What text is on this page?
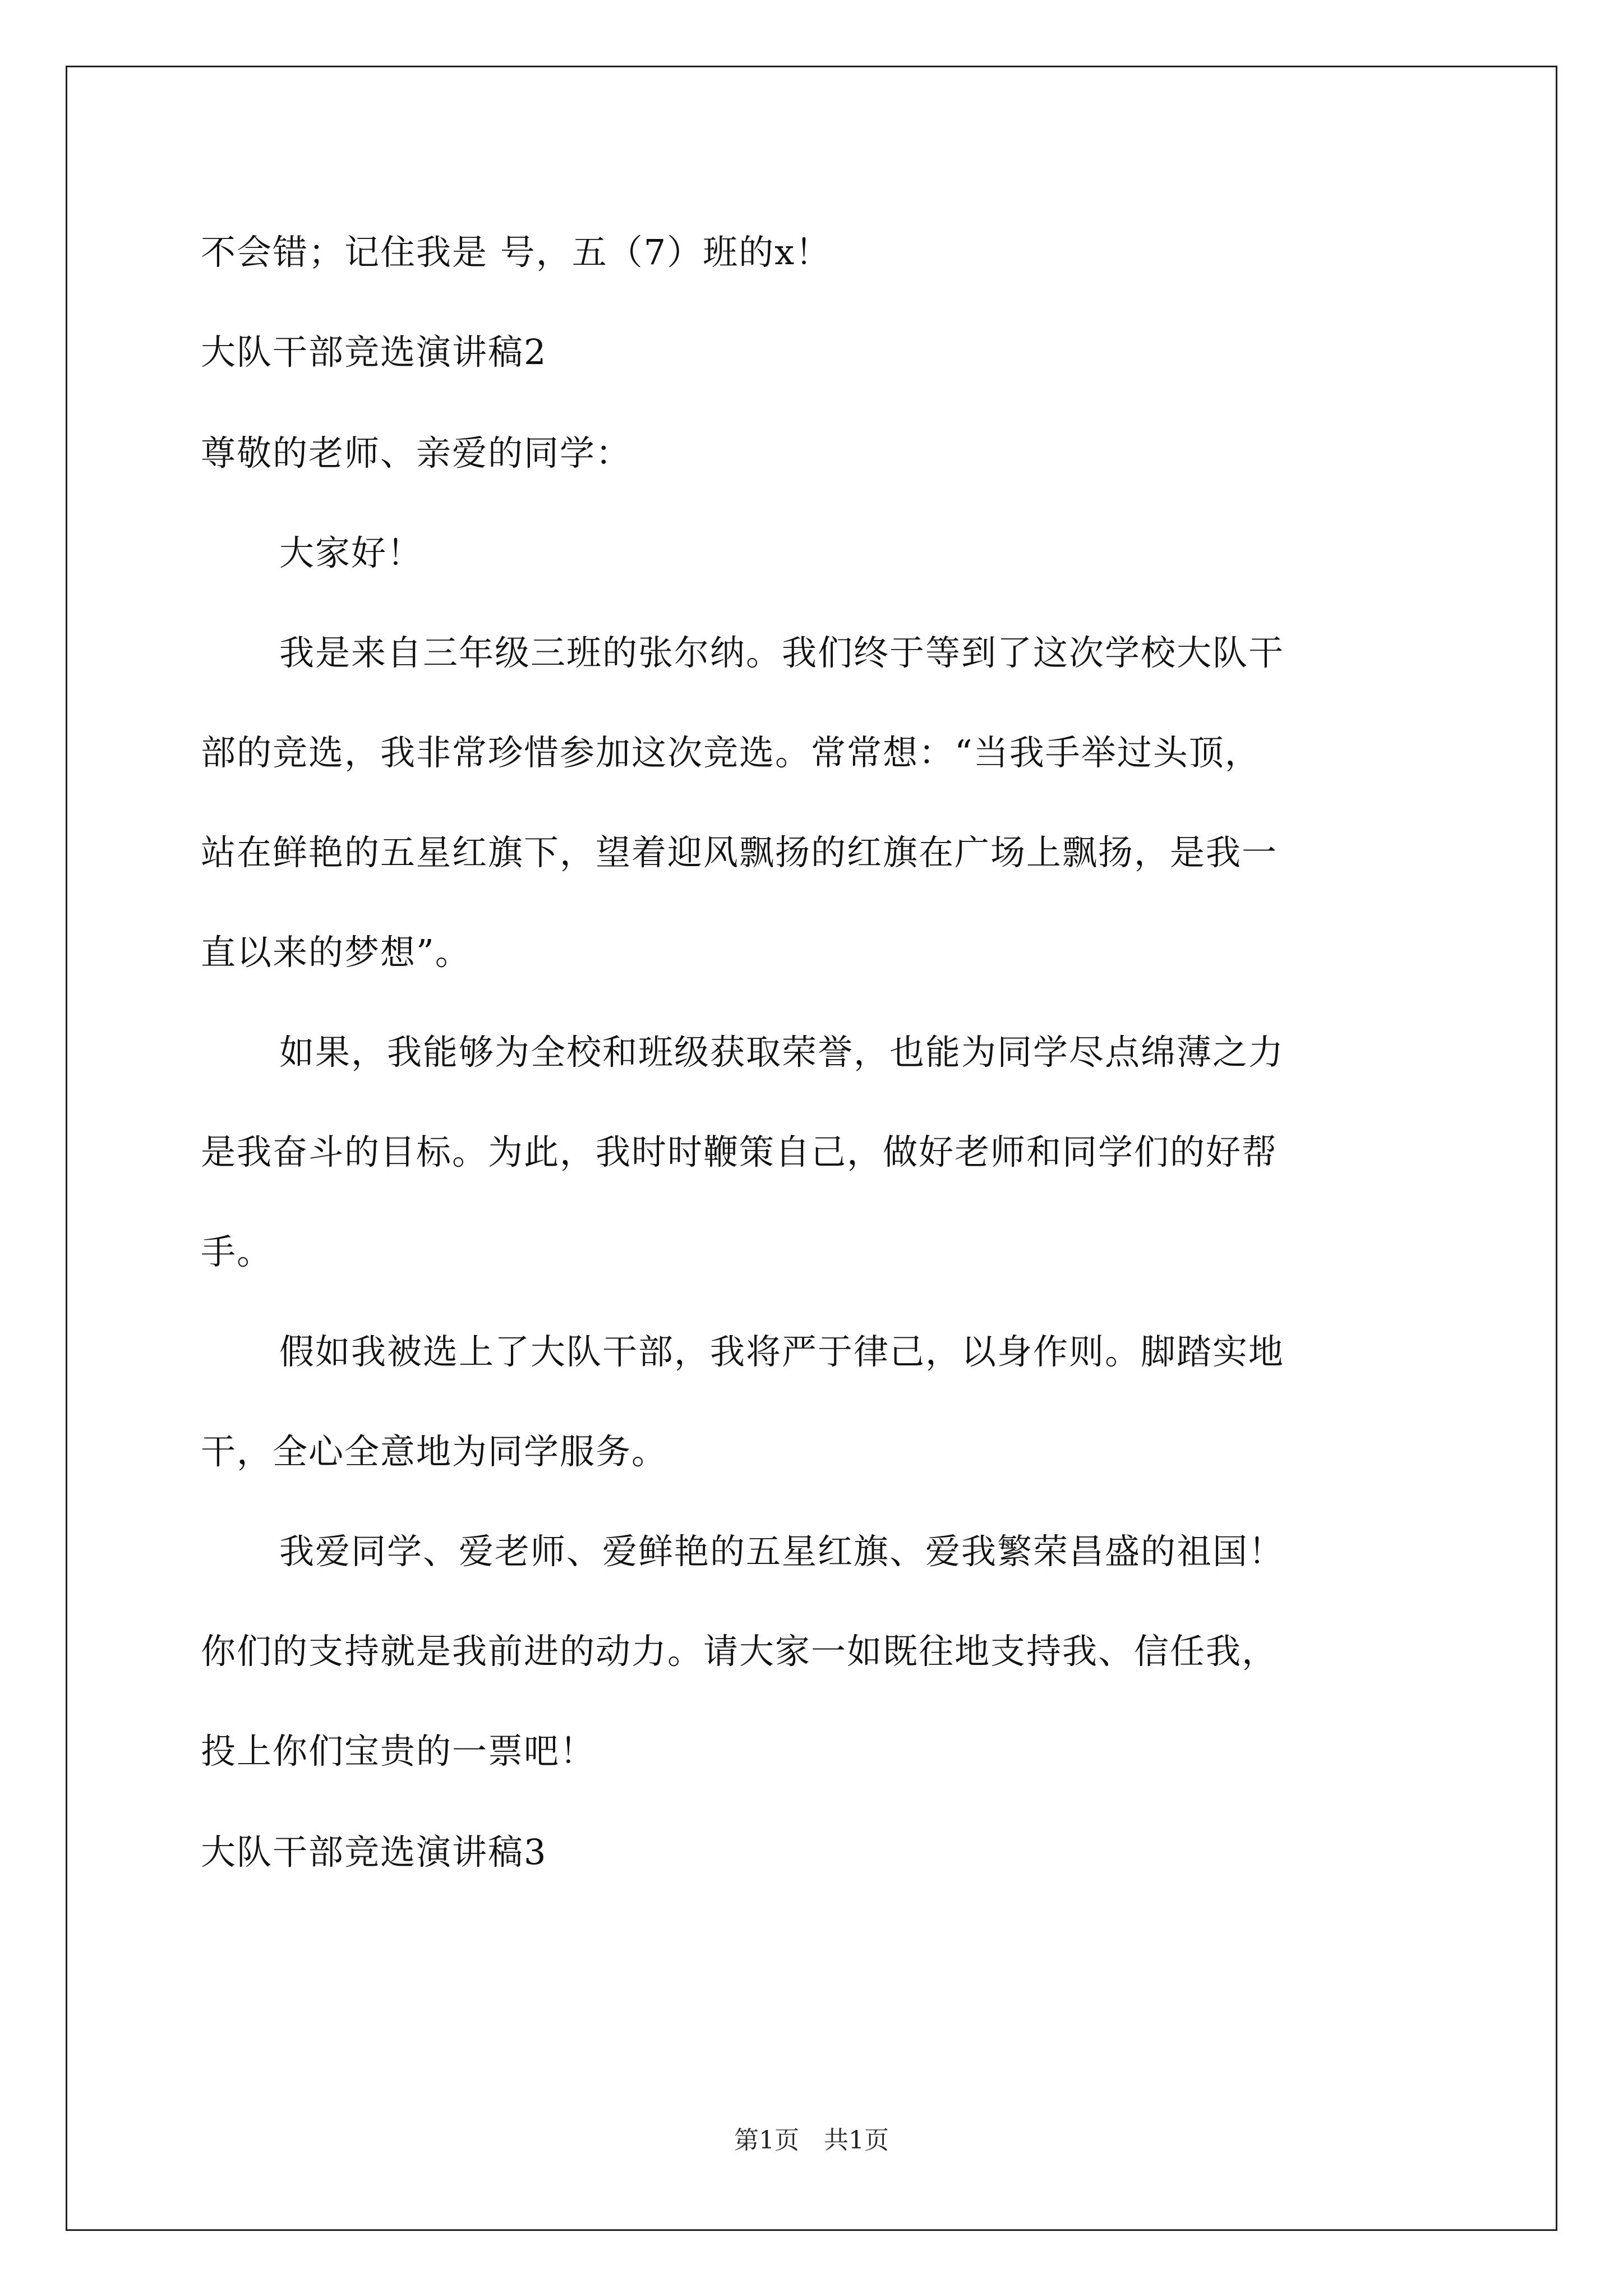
不会错；记住我是 号，五（7）班的x！
大队干部竞选演讲稿2
尊敬的老师、亲爱的同学：
大家好！
我是来自三年级三班的张尔纳。我们终于等到了这次学校大队干
部的竞选，我非常珍惜参加这次竞选。常常想：“当我手举过头顶，
站在鲜艳的五星红旗下，望着迎风飘扬的红旗在广场上飘扬，是我一
直以来的梦想”。
如果，我能够为全校和班级获取荣誉，也能为同学尽点绵薄之力
是我奋斗的目标。为此，我时时鞭策自己，做好老师和同学们的好帮
手。
假如我被选上了大队干部，我将严于律己，以身作则。脚踏实地
干，全心全意地为同学服务。
我爱同学、爱老师、爱鲜艳的五星红旗、爱我繁荣昌盛的祖国！
你们的支持就是我前进的动力。请大家一如既往地支持我、信任我，
投上你们宝贵的一票吧！
大队干部竞选演讲稿3
第1页　共1页
